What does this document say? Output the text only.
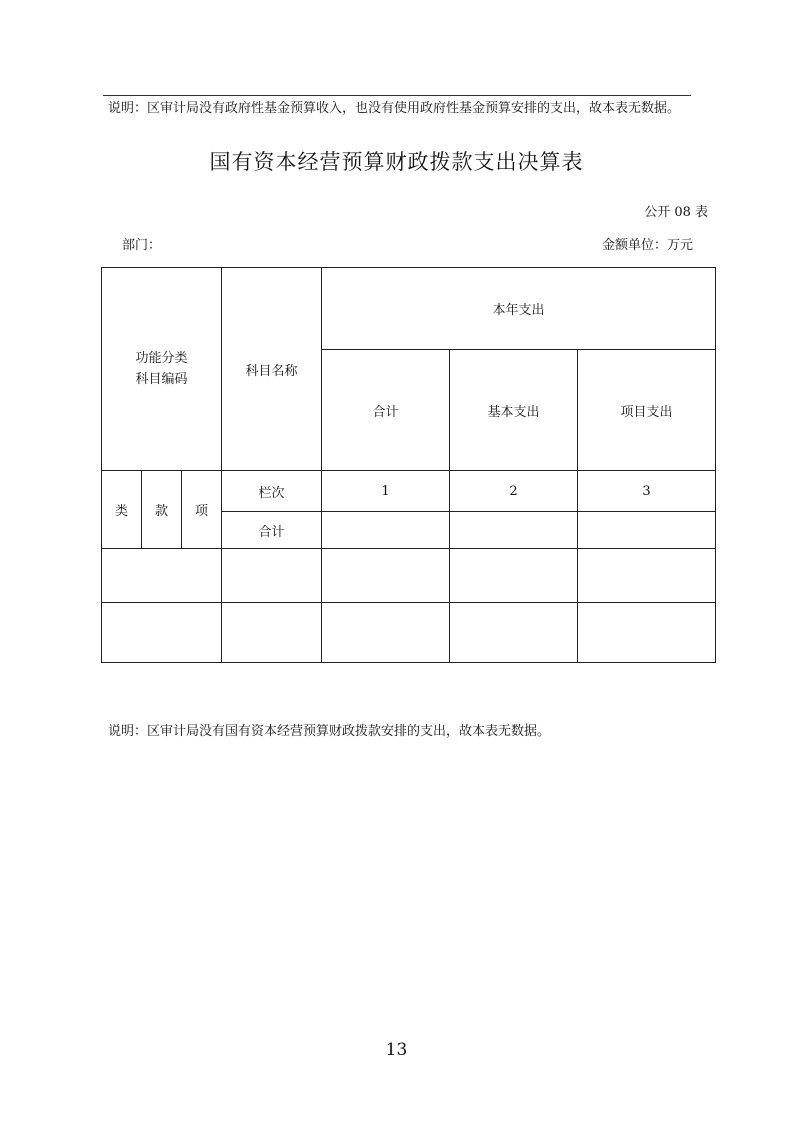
说明：区审计局没有政府性基金预算收入，也没有使用政府性基金预算安排的支出，故本表无数据。
国有资本经营预算财政拨款支出决算表
公开 08 表
部门：	金额单位：万元
功能分类
科目编码			科目名称	本年支出		
				合计	基本支出	项目支出
类	款	项	栏次	1	2	3
			合计			

说明：区审计局没有国有资本经营预算财政拨款安排的支出，故本表无数据。
13
